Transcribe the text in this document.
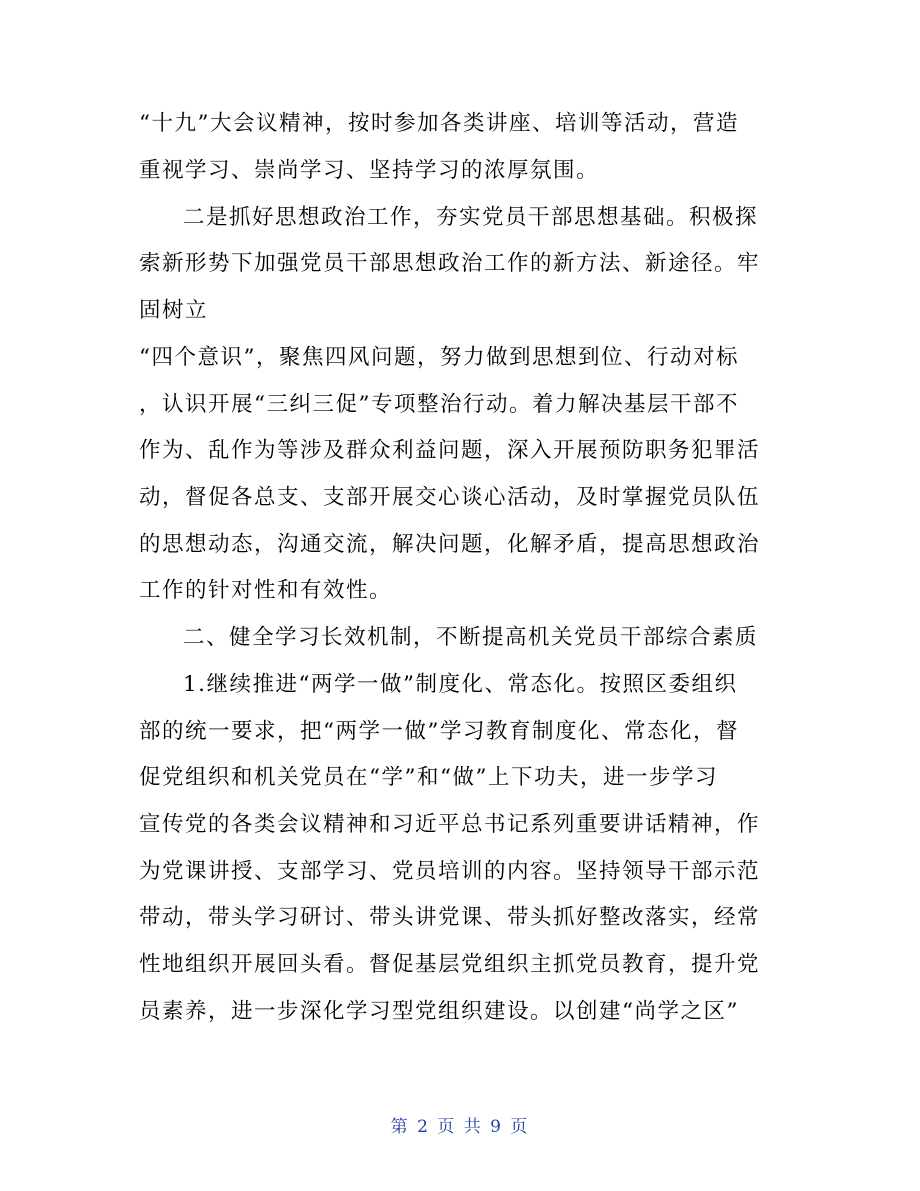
“十九”大会议精神，按时参加各类讲座、培训等活动，营造
重视学习、崇尚学习、坚持学习的浓厚氛围。
二是抓好思想政治工作，夯实党员干部思想基础。积极探
索新形势下加强党员干部思想政治工作的新方法、新途径。牢
固树立
“四个意识”，聚焦四风问题，努力做到思想到位、行动对标
，认识开展“三纠三促”专项整治行动。着力解决基层干部不
作为、乱作为等涉及群众利益问题，深入开展预防职务犯罪活
动，督促各总支、支部开展交心谈心活动，及时掌握党员队伍
的思想动态，沟通交流，解决问题，化解矛盾，提高思想政治
工作的针对性和有效性。
二、健全学习长效机制，不断提高机关党员干部综合素质
1.继续推进“两学一做”制度化、常态化。按照区委组织
部的统一要求，把“两学一做”学习教育制度化、常态化，督
促党组织和机关党员在“学”和“做”上下功夫，进一步学习
宣传党的各类会议精神和习近平总书记系列重要讲话精神，作
为党课讲授、支部学习、党员培训的内容。坚持领导干部示范
带动，带头学习研讨、带头讲党课、带头抓好整改落实，经常
性地组织开展回头看。督促基层党组织主抓党员教育，提升党
员素养，进一步深化学习型党组织建设。以创建“尚学之区”
第 2 页 共 9 页
